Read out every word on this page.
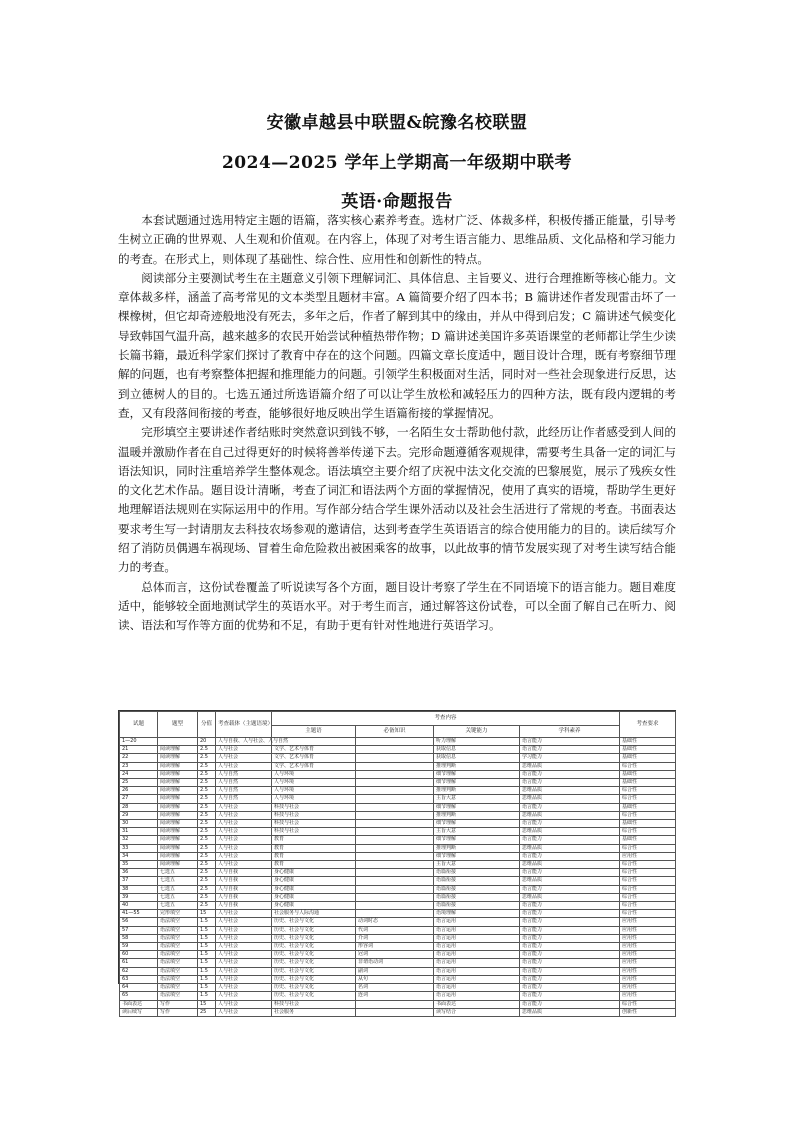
安徽卓越县中联盟&皖豫名校联盟
2024—2025 学年上学期高一年级期中联考
英语·命题报告

本套试题通过选用特定主题的语篇，落实核心素养考查。选材广泛、体裁多样，积极传播正能量，引导考生树立正确的世界观、人生观和价值观。在内容上，体现了对考生语言能力、思维品质、文化品格和学习能力的考查。在形式上，则体现了基础性、综合性、应用性和创新性的特点。

阅读部分主要测试考生在主题意义引领下理解词汇、具体信息、主旨要义、进行合理推断等核心能力。文章体裁多样，涵盖了高考常见的文本类型且题材丰富。A 篇简要介绍了四本书；B 篇讲述作者发现雷击坏了一棵橡树，但它却奇迹般地没有死去，多年之后，作者了解到其中的缘由，并从中得到启发；C 篇讲述气候变化导致韩国气温升高，越来越多的农民开始尝试种植热带作物；D 篇讲述美国许多英语课堂的老师都让学生少读长篇书籍，最近科学家们探讨了教育中存在的这个问题。四篇文章长度适中，题目设计合理，既有考察细节理解的问题，也有考察整体把握和推理能力的问题。引领学生积极面对生活，同时对一些社会现象进行反思，达到立德树人的目的。七选五通过所选语篇介绍了可以让学生放松和减轻压力的四种方法，既有段内逻辑的考查，又有段落间衔接的考查，能够很好地反映出学生语篇衔接的掌握情况。

完形填空主要讲述作者结账时突然意识到钱不够，一名陌生女士帮助他付款，此经历让作者感受到人间的温暖并激励作者在自己过得更好的时候将善举传递下去。完形命题遵循客观规律，需要考生具备一定的词汇与语法知识，同时注重培养学生整体观念。语法填空主要介绍了庆祝中法文化交流的巴黎展览，展示了残疾女性的文化艺术作品。题目设计清晰，考查了词汇和语法两个方面的掌握情况，使用了真实的语境，帮助学生更好地理解语法规则在实际运用中的作用。写作部分结合学生课外活动以及社会生活进行了常规的考查。书面表达要求考生写一封请朋友去科技农场参观的邀请信，达到考查学生英语语言的综合使用能力的目的。读后续写介绍了消防员偶遇车祸现场、冒着生命危险救出被困乘客的故事，以此故事的情节发展实现了对考生读写结合能力的考查。

总体而言，这份试卷覆盖了听说读写各个方面，题目设计考察了学生在不同语境下的语言能力。题目难度适中，能够较全面地测试学生的英语水平。对于考生而言，通过解答这份试卷，可以全面了解自己在听力、阅读、语法和写作等方面的优势和不足，有助于更有针对性地进行英语学习。

试题	题型	分值	考查载体（主题语境）	考查内容				考查要求
				主题语	必备知识	关键能力	学科素养	
1—20		20	人与自我、人与社会、人与自然			听力理解	语言能力	基础性
21	阅读理解	2.5	人与社会	文学、艺术与体育		获取信息	语言能力	基础性
22	阅读理解	2.5	人与社会	文学、艺术与体育		获取信息	学习能力	基础性
23	阅读理解	2.5	人与社会	文学、艺术与体育		推理判断	思维品质	综合性
24	阅读理解	2.5	人与自然	人与环境		细节理解	语言能力	基础性
25	阅读理解	2.5	人与自然	人与环境		细节理解	语言能力	基础性
26	阅读理解	2.5	人与自然	人与环境		推理判断	思维品质	综合性
27	阅读理解	2.5	人与自然	人与环境		主旨大意	思维品质	综合性
28	阅读理解	2.5	人与社会	科技与社会		细节理解	语言能力	基础性
29	阅读理解	2.5	人与社会	科技与社会		推理判断	思维品质	综合性
30	阅读理解	2.5	人与社会	科技与社会		细节理解	语言能力	基础性
31	阅读理解	2.5	人与社会	科技与社会		主旨大意	思维品质	综合性
32	阅读理解	2.5	人与社会	教育		细节理解	语言能力	基础性
33	阅读理解	2.5	人与社会	教育		推理判断	思维品质	综合性
34	阅读理解	2.5	人与社会	教育		细节理解	语言能力	应用性
35	阅读理解	2.5	人与社会	教育		主旨大意	思维品质	综合性
36	七选五	2.5	人与自我	身心健康		语篇衔接	语言能力	综合性
37	七选五	2.5	人与自我	身心健康		语篇衔接	思维品质	综合性
38	七选五	2.5	人与自我	身心健康		语篇衔接	语言能力	综合性
39	七选五	2.5	人与自我	身心健康		语篇衔接	思维品质	综合性
40	七选五	2.5	人与自我	身心健康		语篇衔接	语言能力	综合性
41—55	完形填空	15	人与社会	社会服务与人际沟通		语境理解	语言能力	综合性
56	语法填空	1.5	人与社会	历史、社会与文化	动词时态	语言运用	语言能力	应用性
57	语法填空	1.5	人与社会	历史、社会与文化	代词	语言运用	语言能力	应用性
58	语法填空	1.5	人与社会	历史、社会与文化	介词	语言运用	语言能力	应用性
59	语法填空	1.5	人与社会	历史、社会与文化	形容词	语言运用	语言能力	应用性
60	语法填空	1.5	人与社会	历史、社会与文化	冠词	语言运用	语言能力	应用性
61	语法填空	1.5	人与社会	历史、社会与文化	非谓语动词	语言运用	语言能力	应用性
62	语法填空	1.5	人与社会	历史、社会与文化	副词	语言运用	语言能力	应用性
63	语法填空	1.5	人与社会	历史、社会与文化	从句	语言运用	语言能力	应用性
64	语法填空	1.5	人与社会	历史、社会与文化	名词	语言运用	语言能力	应用性
65	语法填空	1.5	人与社会	历史、社会与文化	连词	语言运用	语言能力	应用性
书面表达	写作	15	人与社会	科技与社会		书面表达	语言能力	综合性
读后续写	写作	25	人与社会	社会服务		读写结合	思维品质	创新性
